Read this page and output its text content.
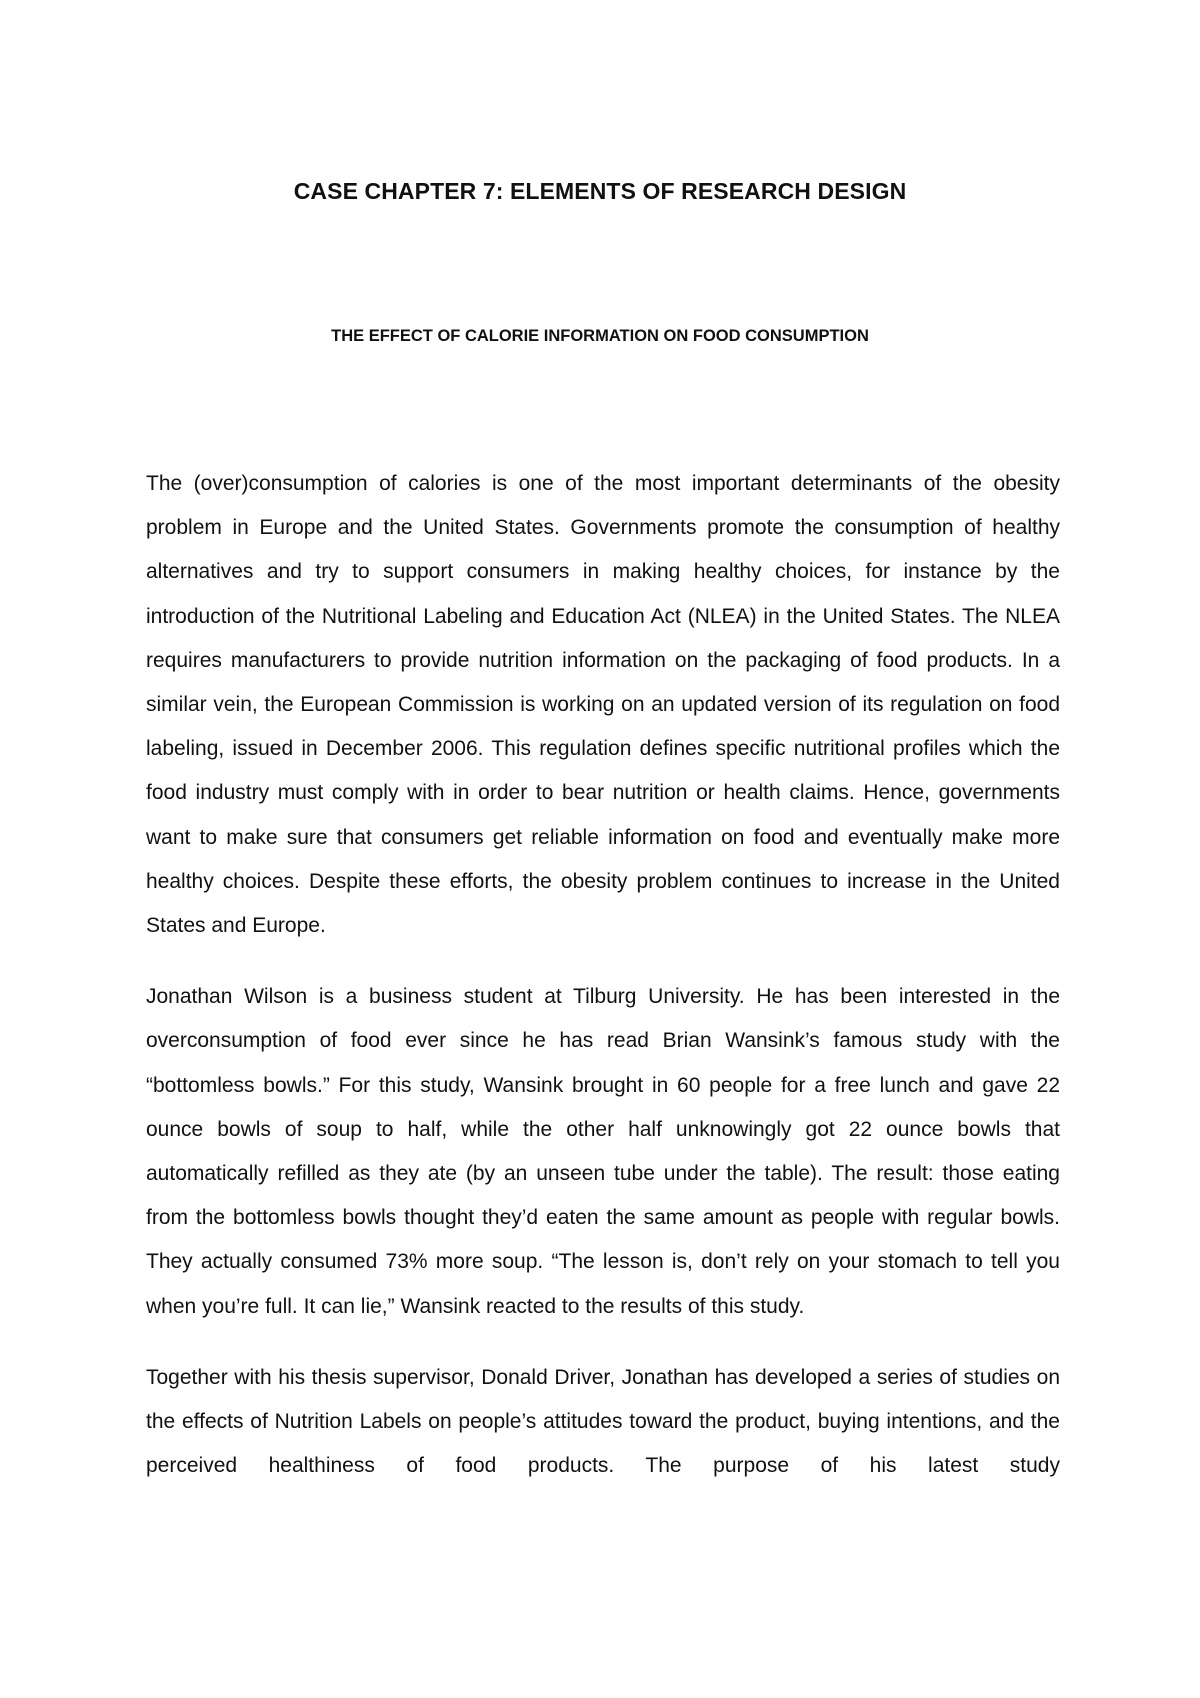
CASE CHAPTER 7: ELEMENTS OF RESEARCH DESIGN
THE EFFECT OF CALORIE INFORMATION ON FOOD CONSUMPTION

The (over)consumption of calories is one of the most important determinants of the obesity problem in Europe and the United States. Governments promote the consumption of healthy alternatives and try to support consumers in making healthy choices, for instance by the introduction of the Nutritional Labeling and Education Act (NLEA) in the United States. The NLEA requires manufacturers to provide nutrition information on the packaging of food products. In a similar vein, the European Commission is working on an updated version of its regulation on food labeling, issued in December 2006. This regulation defines specific nutritional profiles which the food industry must comply with in order to bear nutrition or health claims. Hence, governments want to make sure that consumers get reliable information on food and eventually make more healthy choices. Despite these efforts, the obesity problem continues to increase in the United States and Europe.

Jonathan Wilson is a business student at Tilburg University. He has been interested in the overconsumption of food ever since he has read Brian Wansink’s famous study with the “bottomless bowls.” For this study, Wansink brought in 60 people for a free lunch and gave 22 ounce bowls of soup to half, while the other half unknowingly got 22 ounce bowls that automatically refilled as they ate (by an unseen tube under the table). The result: those eating from the bottomless bowls thought they’d eaten the same amount as people with regular bowls. They actually consumed 73% more soup. “The lesson is, don’t rely on your stomach to tell you when you’re full. It can lie,” Wansink reacted to the results of this study.

Together with his thesis supervisor, Donald Driver, Jonathan has developed a series of studies on the effects of Nutrition Labels on people’s attitudes toward the product, buying intentions, and the perceived healthiness of food products. The purpose of his latest study
